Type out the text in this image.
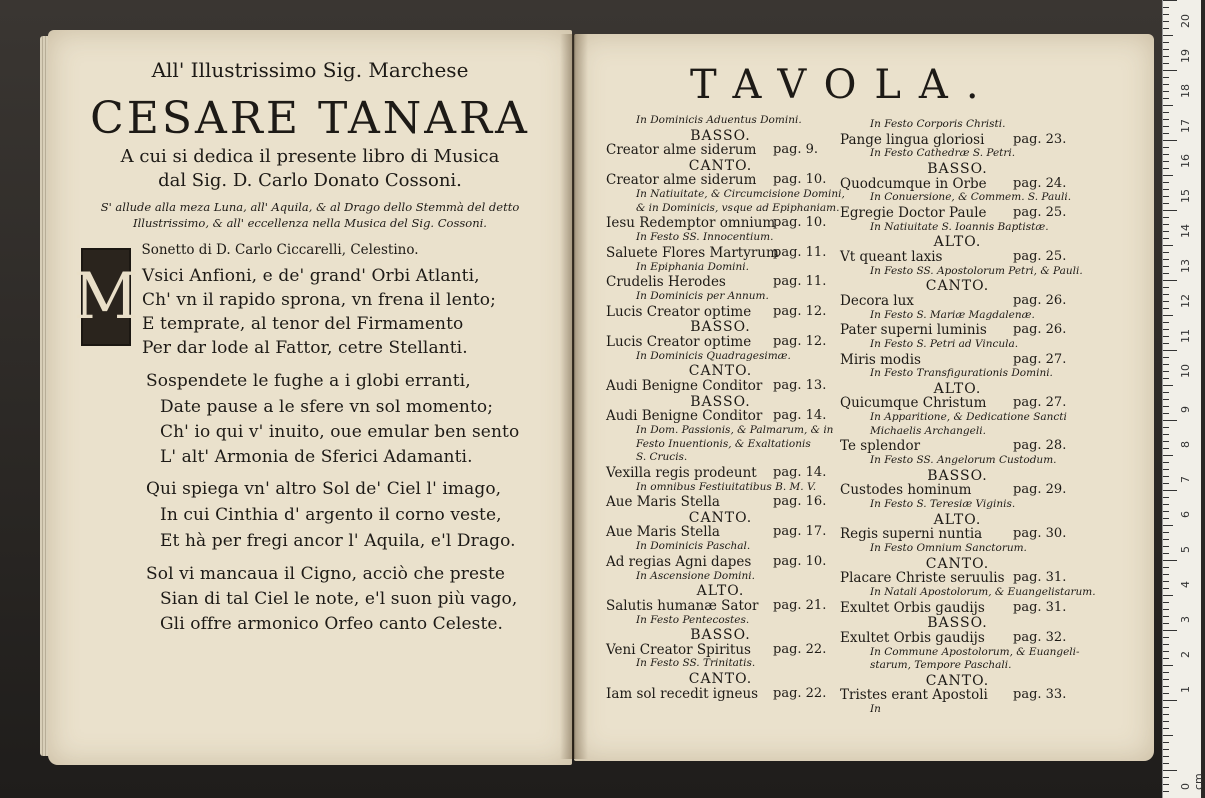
All' Illustrissimo Sig. Marchese
CESARE TANARA
A cui si dedica il presente libro di Musica
dal Sig. D. Carlo Donato Cossoni.
S' allude alla meza Luna, all' Aquila, & al Drago dello Stemmà del detto
Illustrissimo, & all' eccellenza nella Musica del Sig. Cossoni.
Sonetto di D. Carlo Ciccarelli, Celestino.
M Vsici Anfioni, e de' grand' Orbi Atlanti,
Ch' vn il rapido sprona, vn frena il lento;
E temprate, al tenor del Firmamento
Per dar lode al Fattor, cetre Stellanti.
Sospendete le fughe a i globi erranti,
Date pause a le sfere vn sol momento;
Ch' io qui v' inuito, oue emular ben sento
L' alt' Armonia de Sferici Adamanti.
Qui spiega vn' altro Sol de' Ciel l' imago,
In cui Cinthia d' argento il corno veste,
Et hà per fregi ancor l' Aquila, e'l Drago.
Sol vi mancaua il Cigno, acciò che preste
Sian di tal Ciel le note, e'l suon più vago,
Gli offre armonico Orfeo canto Celeste.
TAVOLA.
In Dominicis Aduentus Domini.
BASSO.
pag. 9.
Creator alme siderum
CANTO.
pag. 10.
Creator alme siderum
In Natiuitate, & Circumcisione Domini,
& in Dominicis, vsque ad Epiphaniam.
pag. 10.
Iesu Redemptor omnium
In Festo SS. Innocentium.
pag. 11.
Saluete Flores Martyrum
In Epiphania Domini.
pag. 11.
Crudelis Herodes
In Dominicis per Annum.
pag. 12.
Lucis Creator optime
BASSO.
pag. 12.
Lucis Creator optime
In Dominicis Quadragesimæ.
CANTO.
pag. 13.
Audi Benigne Conditor
BASSO.
pag. 14.
Audi Benigne Conditor
In Dom. Passionis, & Palmarum, & in
Festo Inuentionis, & Exaltationis
S. Crucis.
pag. 14.
Vexilla regis prodeunt
In omnibus Festiuitatibus B. M. V.
pag. 16.
Aue Maris Stella
CANTO.
pag. 17.
Aue Maris Stella
In Dominicis Paschal.
pag. 10.
Ad regias Agni dapes
In Ascensione Domini.
ALTO.
pag. 21.
Salutis humanæ Sator
In Festo Pentecostes.
BASSO.
pag. 22.
Veni Creator Spiritus
In Festo SS. Trinitatis.
CANTO.
pag. 22.
Iam sol recedit igneus
In Festo Corporis Christi.
pag. 23.
Pange lingua gloriosi
In Festo Cathedræ S. Petri.
BASSO.
pag. 24.
Quodcumque in Orbe
In Conuersione, & Commem. S. Pauli.
pag. 25.
Egregie Doctor Paule
In Natiuitate S. Ioannis Baptistæ.
ALTO.
pag. 25.
Vt queant laxis
In Festo SS. Apostolorum Petri, & Pauli.
CANTO.
pag. 26.
Decora lux
In Festo S. Mariæ Magdalenæ.
pag. 26.
Pater superni luminis
In Festo S. Petri ad Vincula.
pag. 27.
Miris modis
In Festo Transfigurationis Domini.
ALTO.
pag. 27.
Quicumque Christum
In Apparitione, & Dedicatione Sancti
Michaelis Archangeli.
pag. 28.
Te splendor
In Festo SS. Angelorum Custodum.
BASSO.
pag. 29.
Custodes hominum
In Festo S. Teresiæ Viginis.
ALTO.
pag. 30.
Regis superni nuntia
In Festo Omnium Sanctorum.
CANTO.
pag. 31.
Placare Christe seruulis
In Natali Apostolorum, & Euangelistarum.
pag. 31.
Exultet Orbis gaudijs
BASSO.
pag. 32.
Exultet Orbis gaudijs
In Commune Apostolorum, & Euangeli-
starum, Tempore Paschali.
CANTO.
pag. 33.
Tristes erant Apostoli
In
20
19
18
17
16
15
14
13
12
11
10
9
8
7
6
5
4
3
2
1
0 cm
